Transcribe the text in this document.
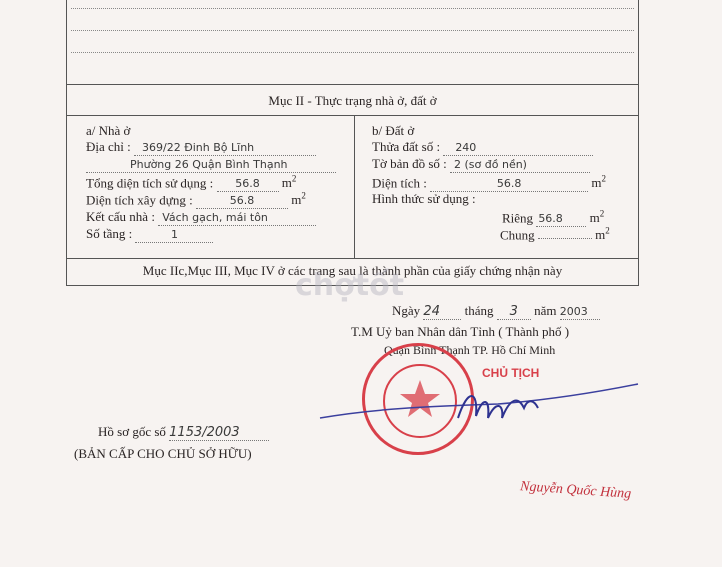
Mục II - Thực trạng nhà ở, đất ở
Mục IIc,Mục III, Mục IV ở các trang sau là thành phần của giấy chứng nhận này
a/ Nhà ở
Địa chỉ : 369/22 Đinh Bộ Lĩnh
Phường 26 Quận Bình Thạnh
Tổng diện tích sử dụng : 56.8 $m^2$
Diện tích xây dựng :	56.8	$m^2$
Kết cấu nhà : Vách gạch, mái tôn
Số tầng :	1
b/ Đất ở
Thửa đất số : 240
Tờ bản đồ số : 2 (sơ đồ nền)
Diện tích :	56.8	$m^2$
Hình thức sử dụng :
Riêng 56.8 $m^2$
Chung	$m^2$
chợtốt
Ngày 24 tháng 3 năm 2003
T.M Uỷ ban Nhân dân Tỉnh ( Thành phố )
Quận Bình Thạnh TP. Hồ Chí Minh
CHỦ TỊCH
Hồ sơ gốc số 1153/2003
(BẢN CẤP CHO CHỦ SỞ HỮU)
Nguyễn Quốc Hùng
